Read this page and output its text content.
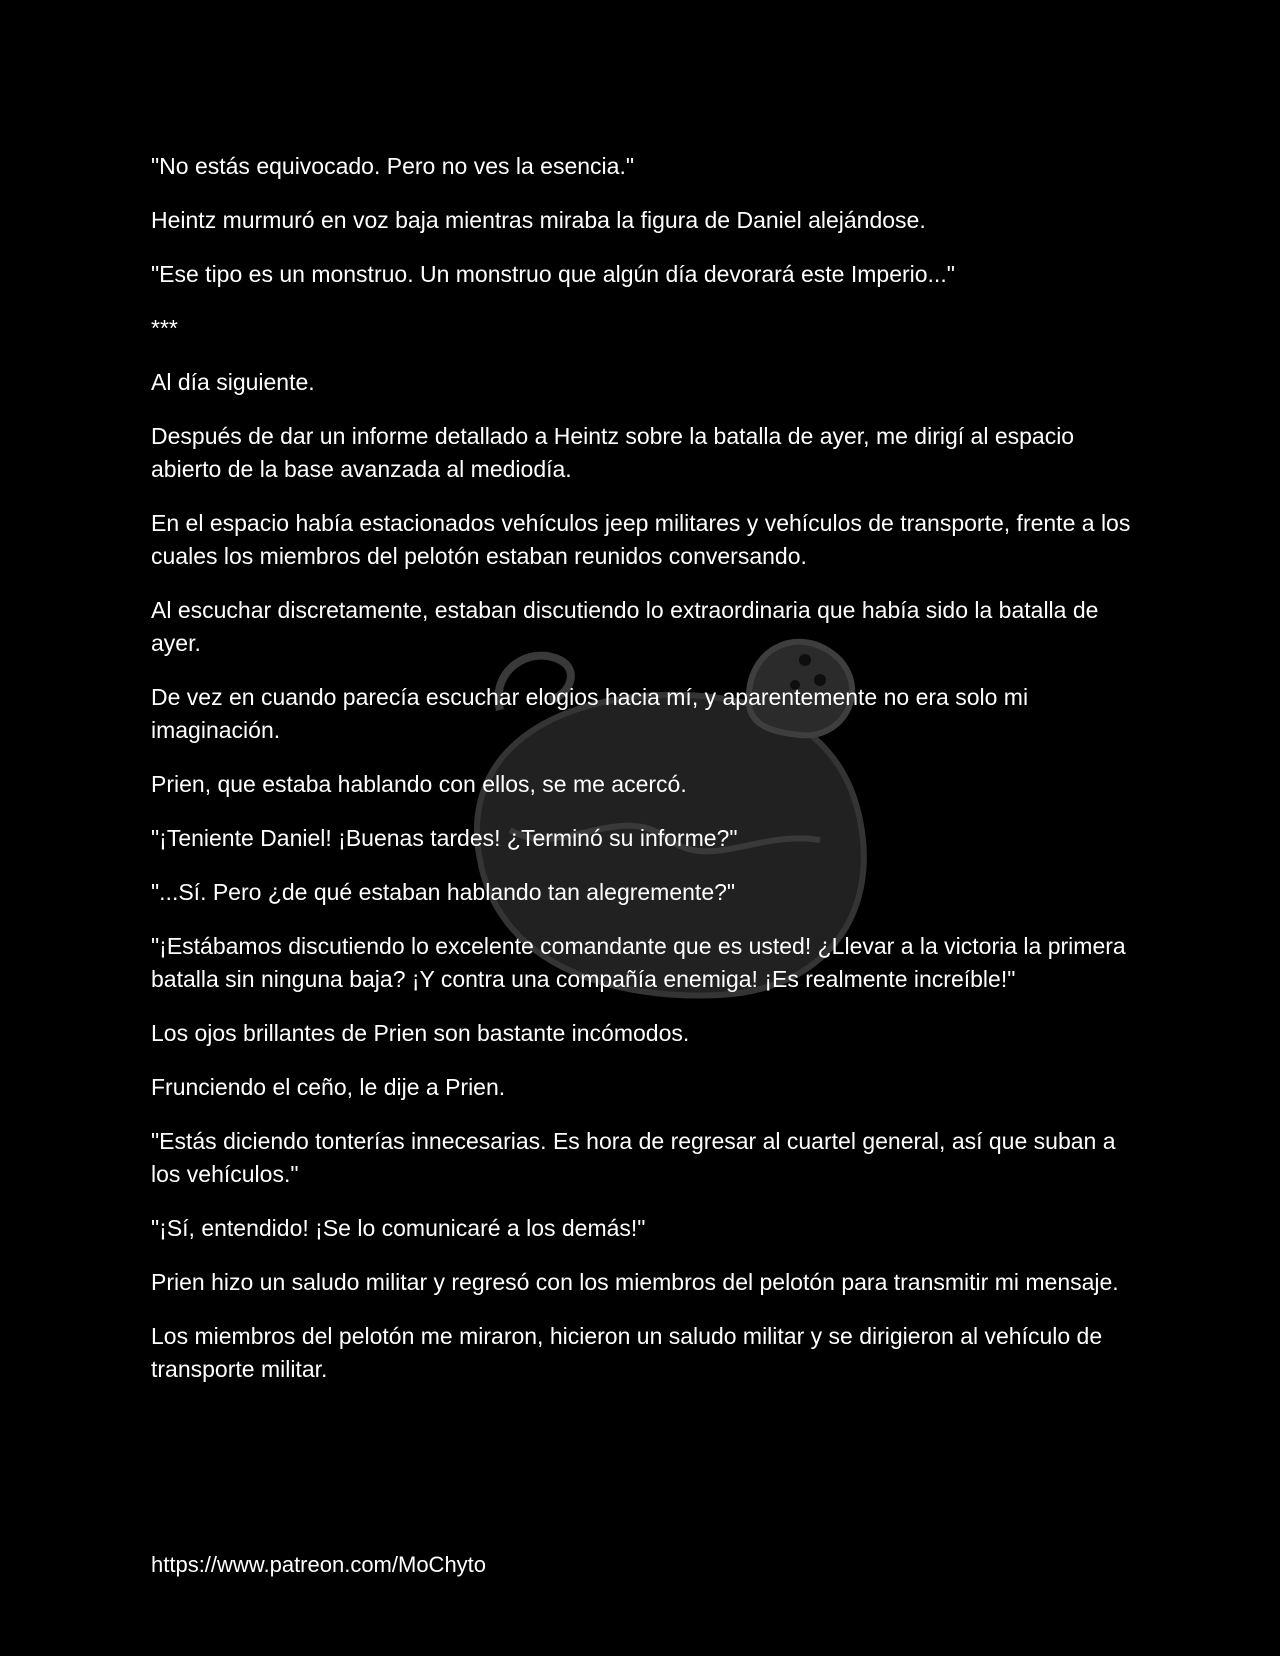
"No estás equivocado. Pero no ves la esencia."

Heintz murmuró en voz baja mientras miraba la figura de Daniel alejándose.

"Ese tipo es un monstruo. Un monstruo que algún día devorará este Imperio..."

***

Al día siguiente.

Después de dar un informe detallado a Heintz sobre la batalla de ayer, me dirigí al espacio abierto de la base avanzada al mediodía.

En el espacio había estacionados vehículos jeep militares y vehículos de transporte, frente a los cuales los miembros del pelotón estaban reunidos conversando.

Al escuchar discretamente, estaban discutiendo lo extraordinaria que había sido la batalla de ayer.

De vez en cuando parecía escuchar elogios hacia mí, y aparentemente no era solo mi imaginación.

Prien, que estaba hablando con ellos, se me acercó.

"¡Teniente Daniel! ¡Buenas tardes! ¿Terminó su informe?"

"...Sí. Pero ¿de qué estaban hablando tan alegremente?"

"¡Estábamos discutiendo lo excelente comandante que es usted! ¿Llevar a la victoria la primera batalla sin ninguna baja? ¡Y contra una compañía enemiga! ¡Es realmente increíble!"

Los ojos brillantes de Prien son bastante incómodos.

Frunciendo el ceño, le dije a Prien.

"Estás diciendo tonterías innecesarias. Es hora de regresar al cuartel general, así que suban a los vehículos."

"¡Sí, entendido! ¡Se lo comunicaré a los demás!"

Prien hizo un saludo militar y regresó con los miembros del pelotón para transmitir mi mensaje.

Los miembros del pelotón me miraron, hicieron un saludo militar y se dirigieron al vehículo de transporte militar.

https://www.patreon.com/MoChyto
